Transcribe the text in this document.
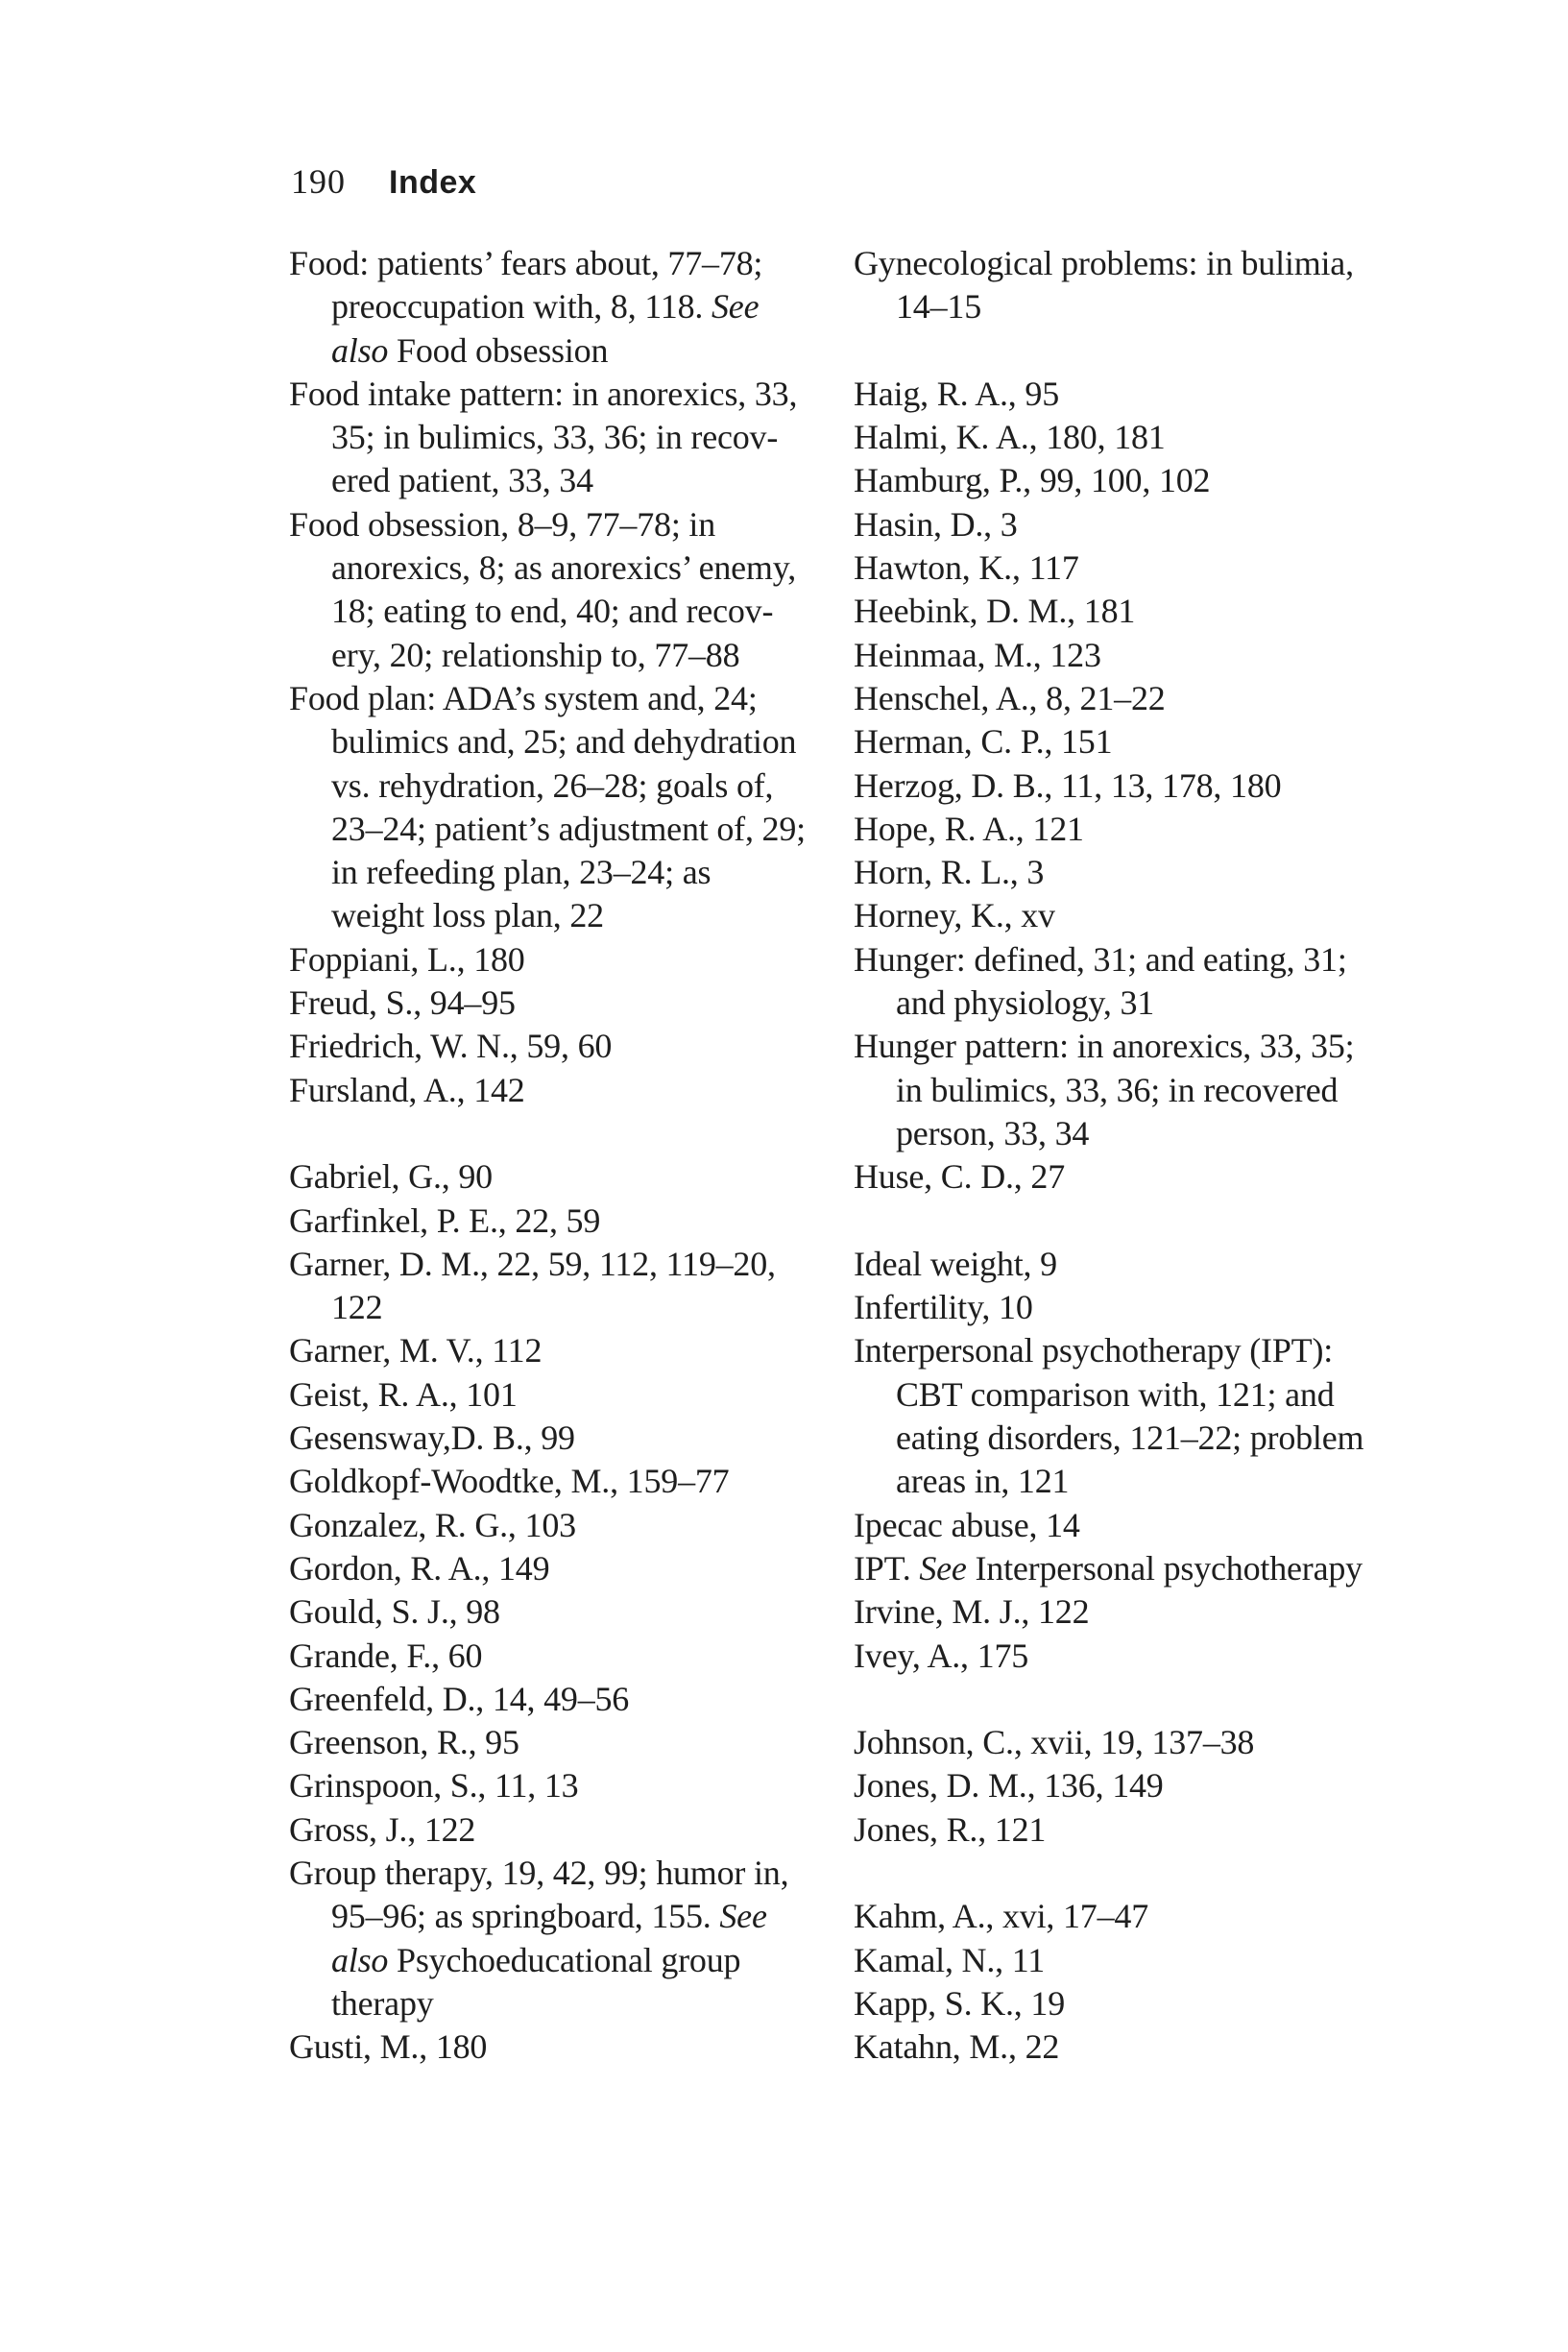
190 Index
Food: patients’ fears about, 77–78;
preoccupation with, 8, 118. See
also Food obsession
Food intake pattern: in anorexics, 33,
35; in bulimics, 33, 36; in recov-
ered patient, 33, 34
Food obsession, 8–9, 77–78; in
anorexics, 8; as anorexics’ enemy,
18; eating to end, 40; and recov-
ery, 20; relationship to, 77–88
Food plan: ADA’s system and, 24;
bulimics and, 25; and dehydration
vs. rehydration, 26–28; goals of,
23–24; patient’s adjustment of, 29;
in refeeding plan, 23–24; as
weight loss plan, 22
Foppiani, L., 180
Freud, S., 94–95
Friedrich, W. N., 59, 60
Fursland, A., 142
Gabriel, G., 90
Garfinkel, P. E., 22, 59
Garner, D. M., 22, 59, 112, 119–20,
122
Garner, M. V., 112
Geist, R. A., 101
Gesensway,D. B., 99
Goldkopf-Woodtke, M., 159–77
Gonzalez, R. G., 103
Gordon, R. A., 149
Gould, S. J., 98
Grande, F., 60
Greenfeld, D., 14, 49–56
Greenson, R., 95
Grinspoon, S., 11, 13
Gross, J., 122
Group therapy, 19, 42, 99; humor in,
95–96; as springboard, 155. See
also Psychoeducational group
therapy
Gusti, M., 180
Gynecological problems: in bulimia,
14–15
Haig, R. A., 95
Halmi, K. A., 180, 181
Hamburg, P., 99, 100, 102
Hasin, D., 3
Hawton, K., 117
Heebink, D. M., 181
Heinmaa, M., 123
Henschel, A., 8, 21–22
Herman, C. P., 151
Herzog, D. B., 11, 13, 178, 180
Hope, R. A., 121
Horn, R. L., 3
Horney, K., xv
Hunger: defined, 31; and eating, 31;
and physiology, 31
Hunger pattern: in anorexics, 33, 35;
in bulimics, 33, 36; in recovered
person, 33, 34
Huse, C. D., 27
Ideal weight, 9
Infertility, 10
Interpersonal psychotherapy (IPT):
CBT comparison with, 121; and
eating disorders, 121–22; problem
areas in, 121
Ipecac abuse, 14
IPT. See Interpersonal psychotherapy
Irvine, M. J., 122
Ivey, A., 175
Johnson, C., xvii, 19, 137–38
Jones, D. M., 136, 149
Jones, R., 121
Kahm, A., xvi, 17–47
Kamal, N., 11
Kapp, S. K., 19
Katahn, M., 22
